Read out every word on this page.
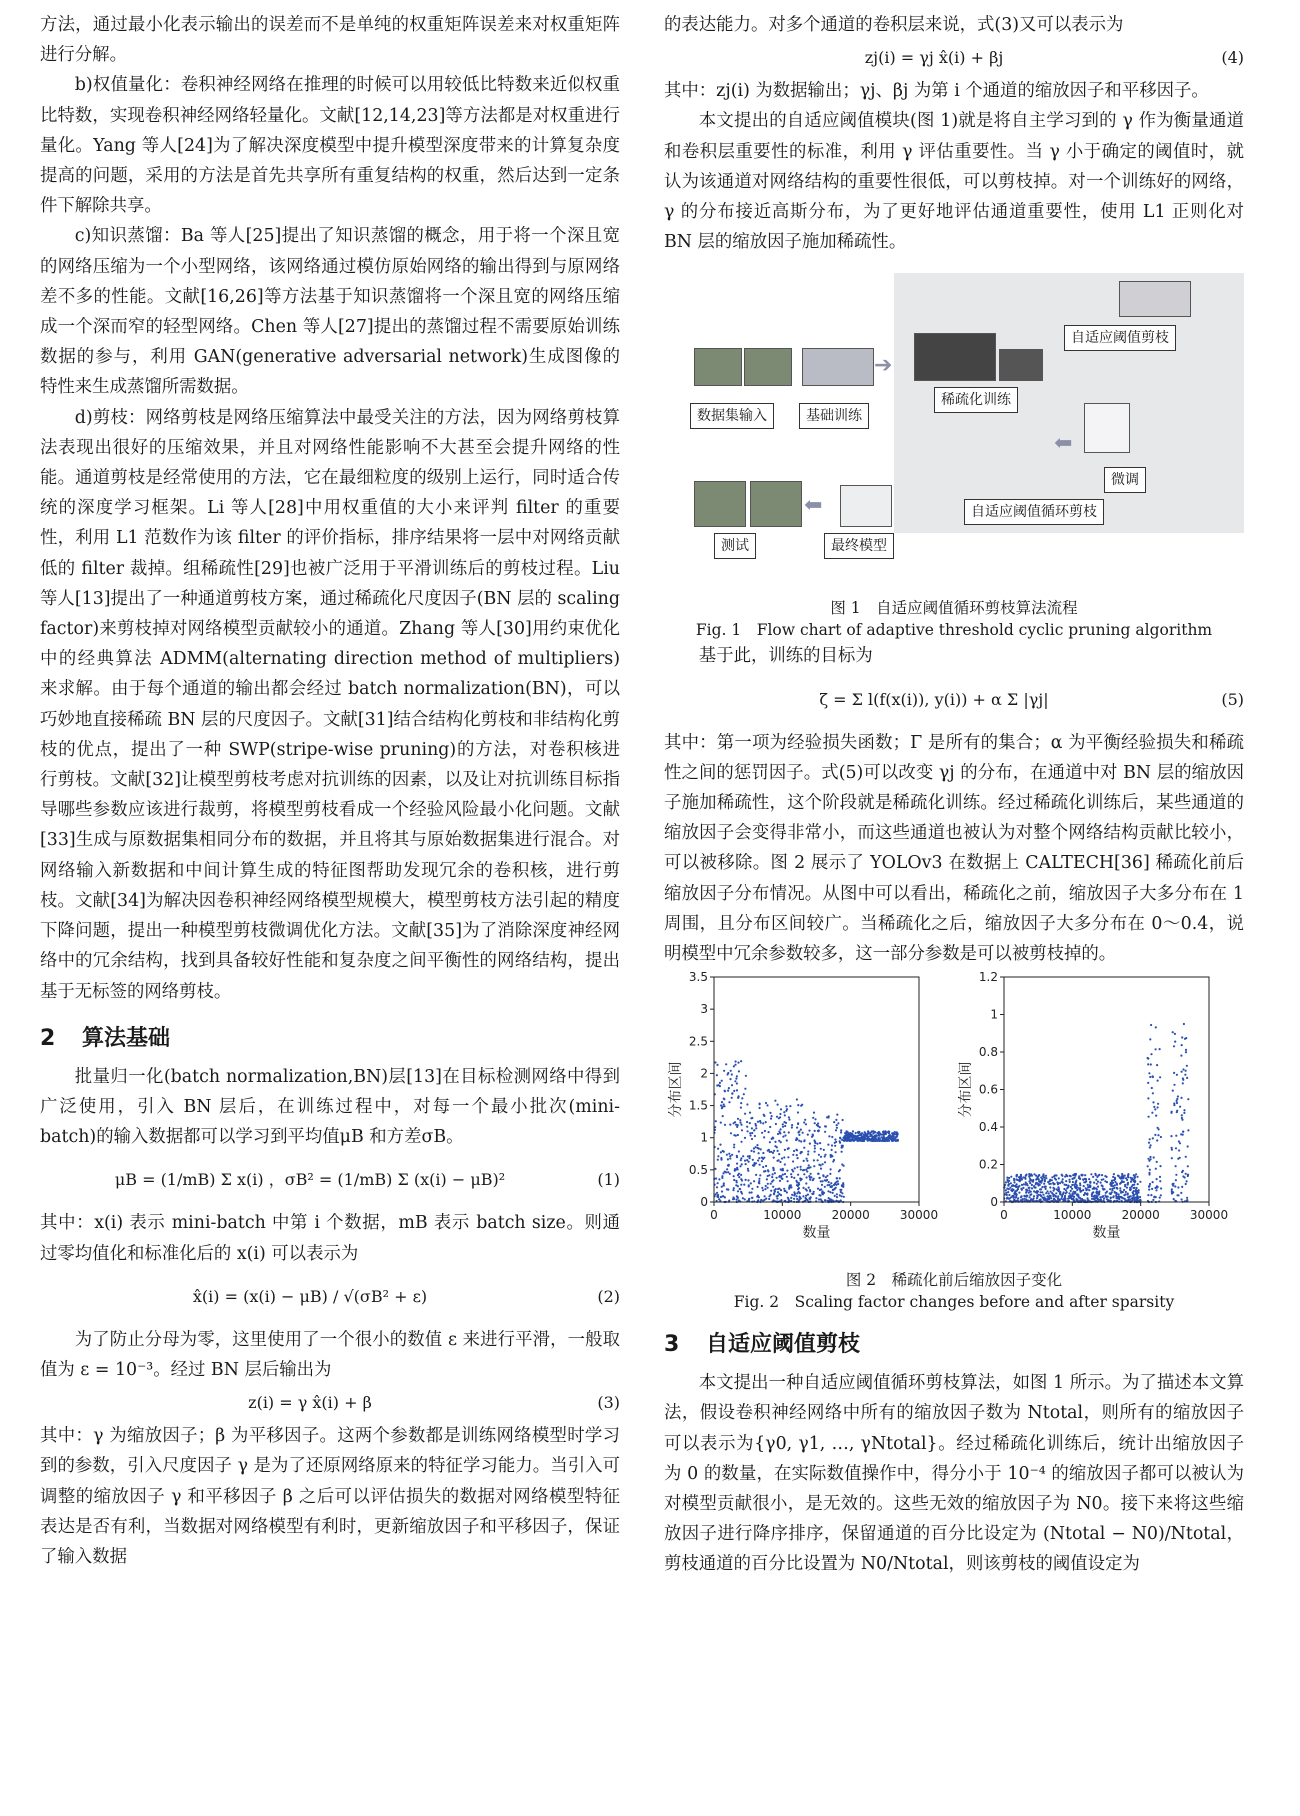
方法，通过最小化表示输出的误差而不是单纯的权重矩阵误差来对权重矩阵进行分解。

b)权值量化：卷积神经网络在推理的时候可以用较低比特数来近似权重比特数，实现卷积神经网络轻量化。文献[12,14,23]等方法都是对权重进行量化。Yang 等人[24]为了解决深度模型中提升模型深度带来的计算复杂度提高的问题，采用的方法是首先共享所有重复结构的权重，然后达到一定条件下解除共享。

c)知识蒸馏：Ba 等人[25]提出了知识蒸馏的概念，用于将一个深且宽的网络压缩为一个小型网络，该网络通过模仿原始网络的输出得到与原网络差不多的性能。文献[16,26]等方法基于知识蒸馏将一个深且宽的网络压缩成一个深而窄的轻型网络。Chen 等人[27]提出的蒸馏过程不需要原始训练数据的参与，利用 GAN(generative adversarial network)生成图像的特性来生成蒸馏所需数据。

d)剪枝：网络剪枝是网络压缩算法中最受关注的方法，因为网络剪枝算法表现出很好的压缩效果，并且对网络性能影响不大甚至会提升网络的性能。通道剪枝是经常使用的方法，它在最细粒度的级别上运行，同时适合传统的深度学习框架。Li 等人[28]中用权重值的大小来评判 filter 的重要性，利用 L1 范数作为该 filter 的评价指标，排序结果将一层中对网络贡献低的 filter 裁掉。组稀疏性[29]也被广泛用于平滑训练后的剪枝过程。Liu 等人[13]提出了一种通道剪枝方案，通过稀疏化尺度因子(BN 层的 scaling factor)来剪枝掉对网络模型贡献较小的通道。Zhang 等人[30]用约束优化中的经典算法 ADMM(alternating direction method of multipliers)来求解。由于每个通道的输出都会经过 batch normalization(BN)，可以巧妙地直接稀疏 BN 层的尺度因子。文献[31]结合结构化剪枝和非结构化剪枝的优点，提出了一种 SWP(stripe-wise pruning)的方法，对卷积核进行剪枝。文献[32]让模型剪枝考虑对抗训练的因素，以及让对抗训练目标指导哪些参数应该进行裁剪，将模型剪枝看成一个经验风险最小化问题。文献[33]生成与原数据集相同分布的数据，并且将其与原始数据集进行混合。对网络输入新数据和中间计算生成的特征图帮助发现冗余的卷积核，进行剪枝。文献[34]为解决因卷积神经网络模型规模大，模型剪枝方法引起的精度下降问题，提出一种模型剪枝微调优化方法。文献[35]为了消除深度神经网络中的冗余结构，找到具备较好性能和复杂度之间平衡性的网络结构，提出基于无标签的网络剪枝。

2 算法基础

批量归一化(batch normalization,BN)层[13]在目标检测网络中得到广泛使用，引入 BN 层后，在训练过程中，对每一个最小批次(mini-batch)的输入数据都可以学习到平均值μB 和方差σB。

μB = (1/mB) Σ x(i) ，σB² = (1/mB) Σ (x(i) − μB)²	(1)

其中：x(i) 表示 mini-batch 中第 i 个数据，mB 表示 batch size。则通过零均值化和标准化后的 x(i) 可以表示为

x̂(i) = (x(i) − μB) / √(σB² + ε)	(2)

为了防止分母为零，这里使用了一个很小的数值 ε 来进行平滑，一般取值为 ε = 10⁻³。经过 BN 层后输出为

z(i) = γ x̂(i) + β	(3)

其中：γ 为缩放因子；β 为平移因子。这两个参数都是训练网络模型时学习到的参数，引入尺度因子 γ 是为了还原网络原来的特征学习能力。当引入可调整的缩放因子 γ 和平移因子 β 之后可以评估损失的数据对网络模型特征表达是否有利，当数据对网络模型有利时，更新缩放因子和平移因子，保证了输入数据

的表达能力。对多个通道的卷积层来说，式(3)又可以表示为

zj(i) = γj x̂(i) + βj	(4)

其中：zj(i) 为数据输出；γj、βj 为第 i 个通道的缩放因子和平移因子。

本文提出的自适应阈值模块(图 1)就是将自主学习到的 γ 作为衡量通道和卷积层重要性的标准，利用 γ 评估重要性。当 γ 小于确定的阈值时，就认为该通道对网络结构的重要性很低，可以剪枝掉。对一个训练好的网络，γ 的分布接近高斯分布，为了更好地评估通道重要性，使用 L1 正则化对 BN 层的缩放因子施加稀疏性。

数据集输入	基础训练
➔
稀疏化训练
自适应阈值剪枝
微调
⬅
自适应阈值循环剪枝
测试
⬅
最终模型
图 1　自适应阈值循环剪枝算法流程
Fig. 1　Flow chart of adaptive threshold cyclic pruning algorithm

基于此，训练的目标为

ζ = Σ l(f(x(i)), y(i)) + α Σ |γj|	(5)

其中：第一项为经验损失函数；Γ 是所有的集合；α 为平衡经验损失和稀疏性之间的惩罚因子。式(5)可以改变 γj 的分布，在通道中对 BN 层的缩放因子施加稀疏性，这个阶段就是稀疏化训练。经过稀疏化训练后，某些通道的缩放因子会变得非常小，而这些通道也被认为对整个网络结构贡献比较小，可以被移除。图 2 展示了 YOLOv3 在数据上 CALTECH[36] 稀疏化前后缩放因子分布情况。从图中可以看出，稀疏化之前，缩放因子大多分布在 1 周围，且分布区间较广。当稀疏化之后，缩放因子大多分布在 0～0.4，说明模型中冗余参数较多，这一部分参数是可以被剪枝掉的。

0
0.5
1
1.5
2
2.5
3
3.5
0	10000	20000	30000
数量
分布区间
0
0.2
0.4
0.6
0.8
1
1.2
0	10000	20000	30000
数量
分布区间
图 2　稀疏化前后缩放因子变化
Fig. 2　Scaling factor changes before and after sparsity
3 自适应阈值剪枝

本文提出一种自适应阈值循环剪枝算法，如图 1 所示。为了描述本文算法，假设卷积神经网络中所有的缩放因子数为 Ntotal，则所有的缩放因子可以表示为{γ0, γ1, …, γNtotal}。经过稀疏化训练后，统计出缩放因子为 0 的数量，在实际数值操作中，得分小于 10⁻⁴ 的缩放因子都可以被认为对模型贡献很小，是无效的。这些无效的缩放因子为 N0。接下来将这些缩放因子进行降序排序，保留通道的百分比设定为 (Ntotal − N0)/Ntotal，剪枝通道的百分比设置为 N0/Ntotal，则该剪枝的阈值设定为
